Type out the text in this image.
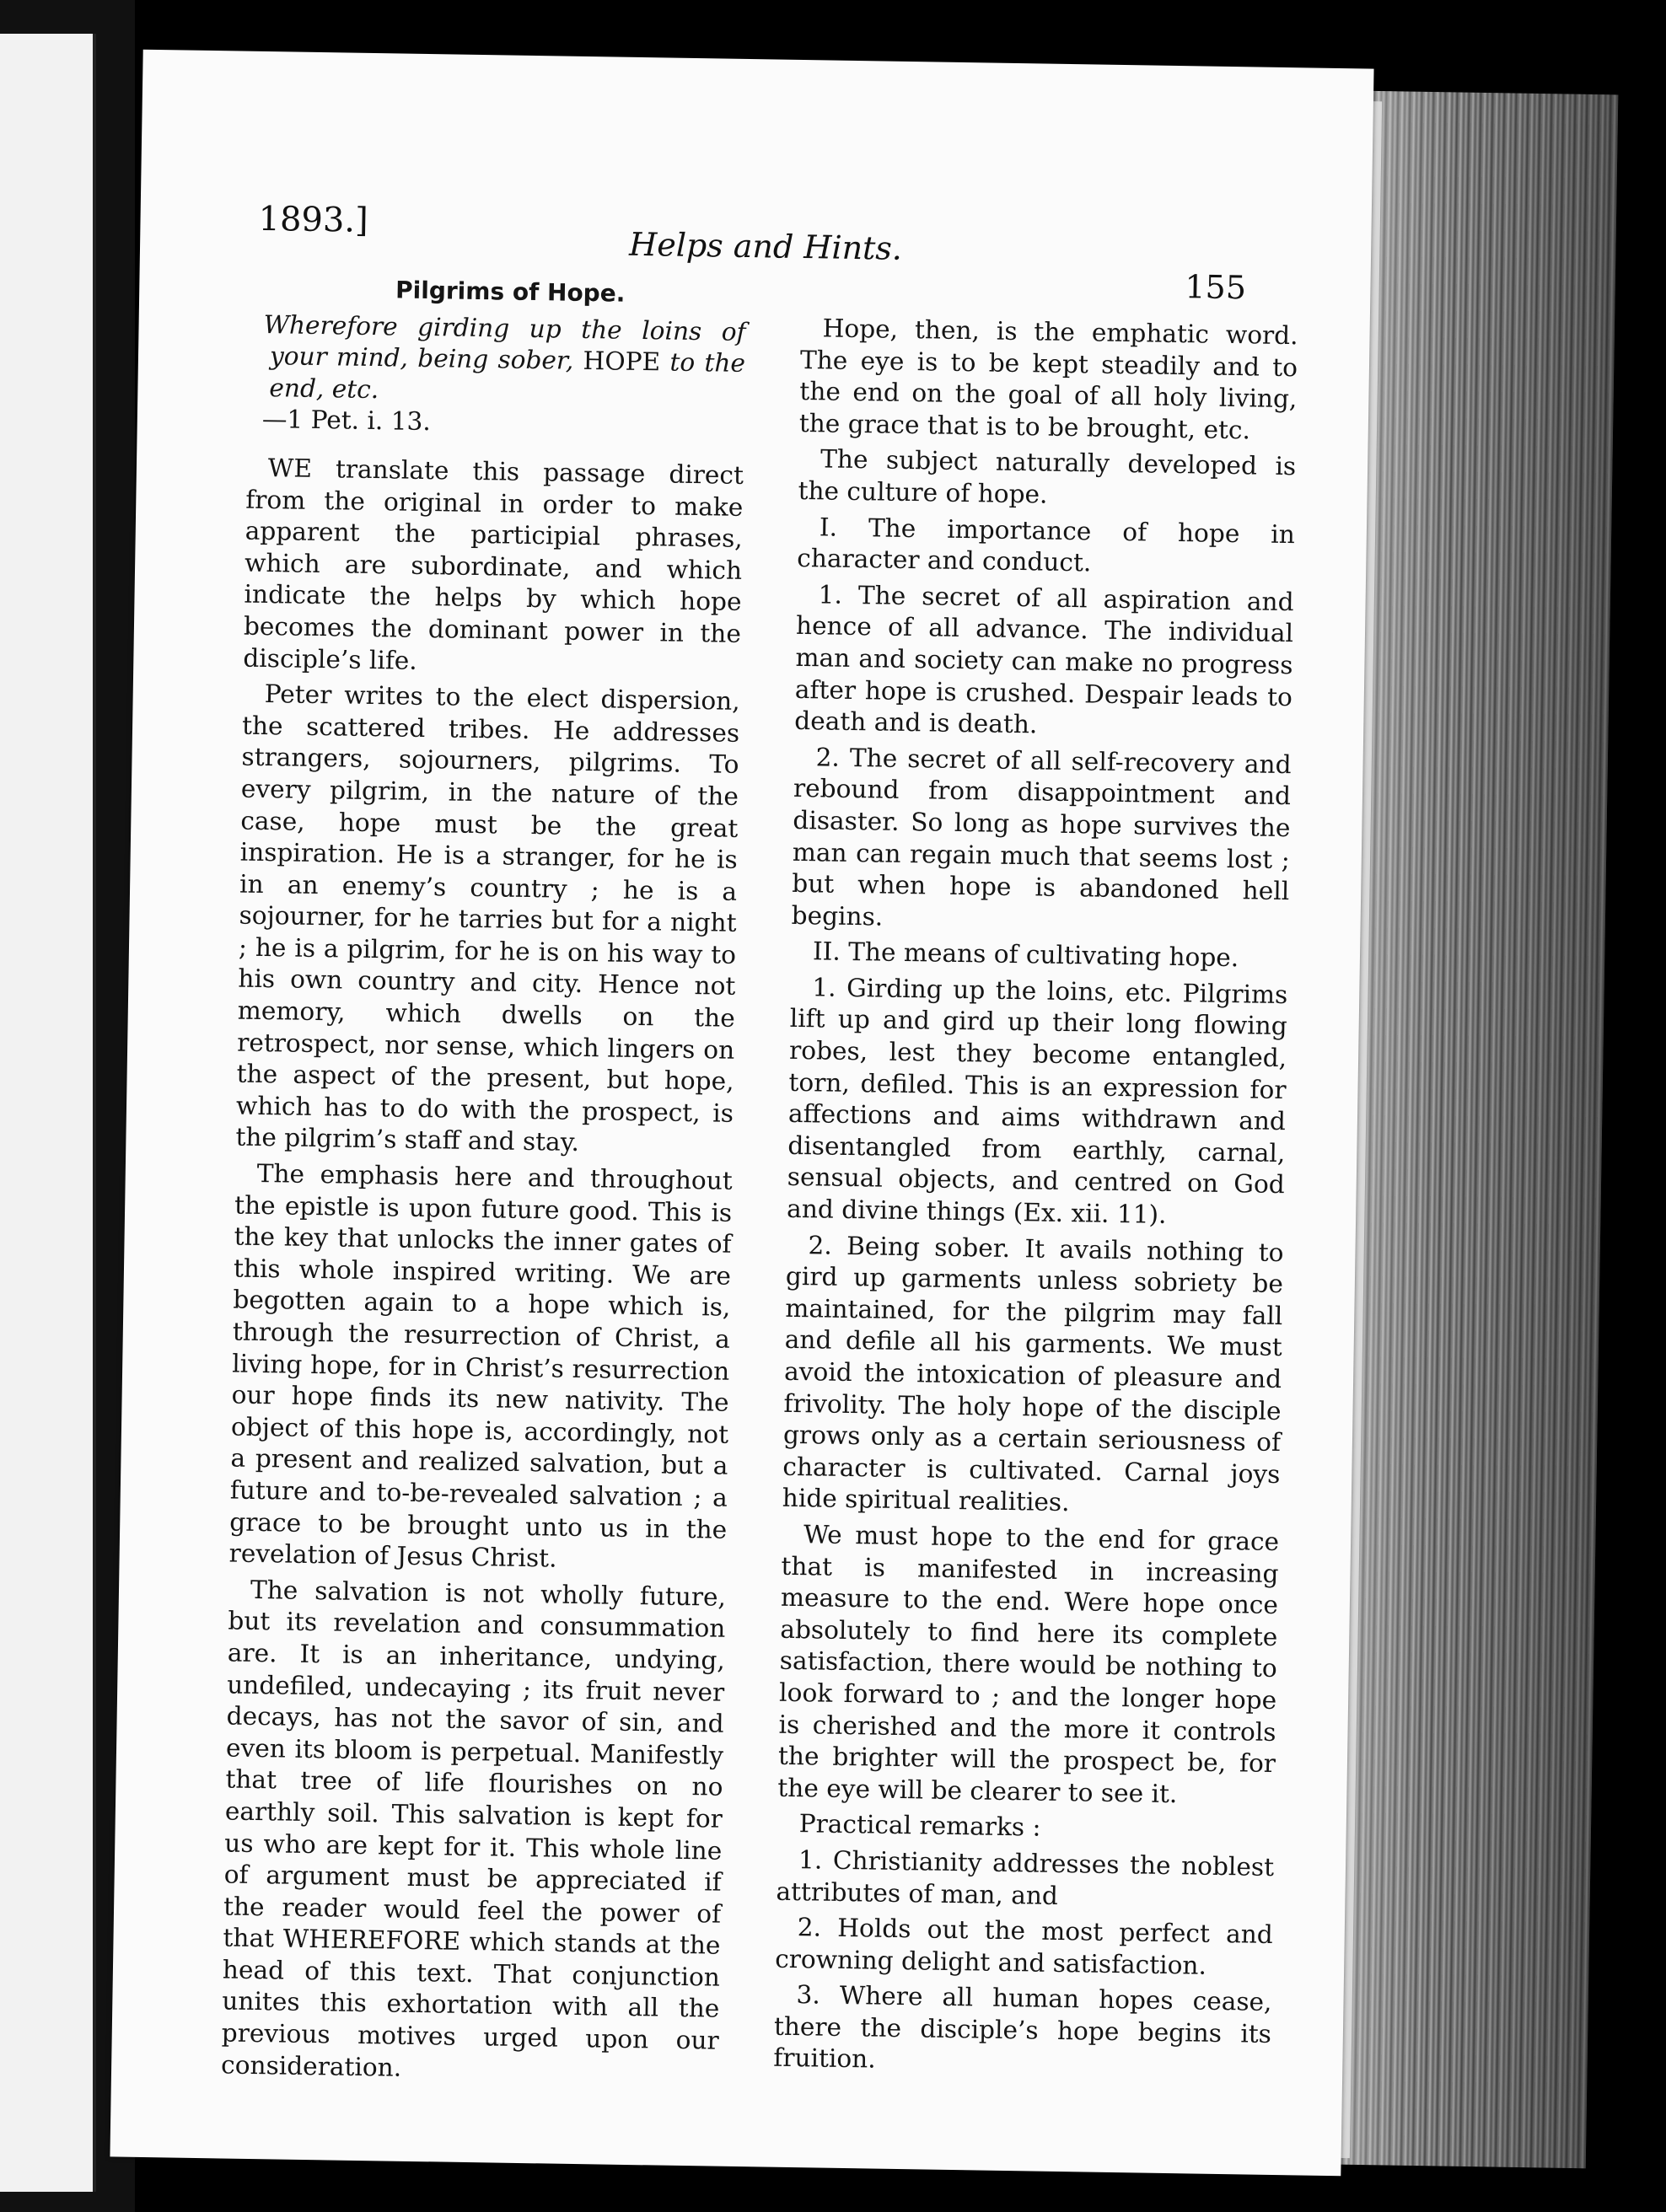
1893.]
Helps and Hints.
155
Pilgrims of Hope.
Wherefore girding up the loins of your mind, being sober, HOPE to the end, etc.
—1 Pet. i. 13.

WE translate this passage direct from the original in order to make apparent the participial phrases, which are subordinate, and which indicate the helps by which hope becomes the dominant power in the disciple’s life.

Peter writes to the elect dispersion, the scattered tribes. He addresses strangers, sojourners, pilgrims. To every pilgrim, in the nature of the case, hope must be the great inspiration. He is a stranger, for he is in an enemy’s country ; he is a sojourner, for he tarries but for a night ; he is a pilgrim, for he is on his way to his own country and city. Hence not memory, which dwells on the retrospect, nor sense, which lingers on the aspect of the present, but hope, which has to do with the prospect, is the pilgrim’s staff and stay.

The emphasis here and throughout the epistle is upon future good. This is the key that unlocks the inner gates of this whole inspired writing. We are begotten again to a hope which is, through the resurrection of Christ, a living hope, for in Christ’s resurrection our hope finds its new nativity. The object of this hope is, accordingly, not a present and realized salvation, but a future and to-be-revealed salvation ; a grace to be brought unto us in the revelation of Jesus Christ.

The salvation is not wholly future, but its revelation and consummation are. It is an inheritance, undying, undefiled, undecaying ; its fruit never decays, has not the savor of sin, and even its bloom is perpetual. Manifestly that tree of life flourishes on no earthly soil. This salvation is kept for us who are kept for it. This whole line of argument must be appreciated if the reader would feel the power of that WHEREFORE which stands at the head of this text. That conjunction unites this exhortation with all the previous motives urged upon our consideration.

Hope, then, is the emphatic word. The eye is to be kept steadily and to the end on the goal of all holy living, the grace that is to be brought, etc.

The subject naturally developed is the culture of hope.

I. The importance of hope in character and conduct.

1. The secret of all aspiration and hence of all advance. The individual man and society can make no progress after hope is crushed. Despair leads to death and is death.

2. The secret of all self-recovery and rebound from disappointment and disaster. So long as hope survives the man can regain much that seems lost ; but when hope is abandoned hell begins.

II. The means of cultivating hope.

1. Girding up the loins, etc. Pilgrims lift up and gird up their long flowing robes, lest they become entangled, torn, defiled. This is an expression for affections and aims withdrawn and disentangled from earthly, carnal, sensual objects, and centred on God and divine things (Ex. xii. 11).

2. Being sober. It avails nothing to gird up garments unless sobriety be maintained, for the pilgrim may fall and defile all his garments. We must avoid the intoxication of pleasure and frivolity. The holy hope of the disciple grows only as a certain seriousness of character is cultivated. Carnal joys hide spiritual realities.

We must hope to the end for grace that is manifested in increasing measure to the end. Were hope once absolutely to find here its complete satisfaction, there would be nothing to look forward to ; and the longer hope is cherished and the more it controls the brighter will the prospect be, for the eye will be clearer to see it.

Practical remarks :

1. Christianity addresses the noblest attributes of man, and

2. Holds out the most perfect and crowning delight and satisfaction.

3. Where all human hopes cease, there the disciple’s hope begins its fruition.
